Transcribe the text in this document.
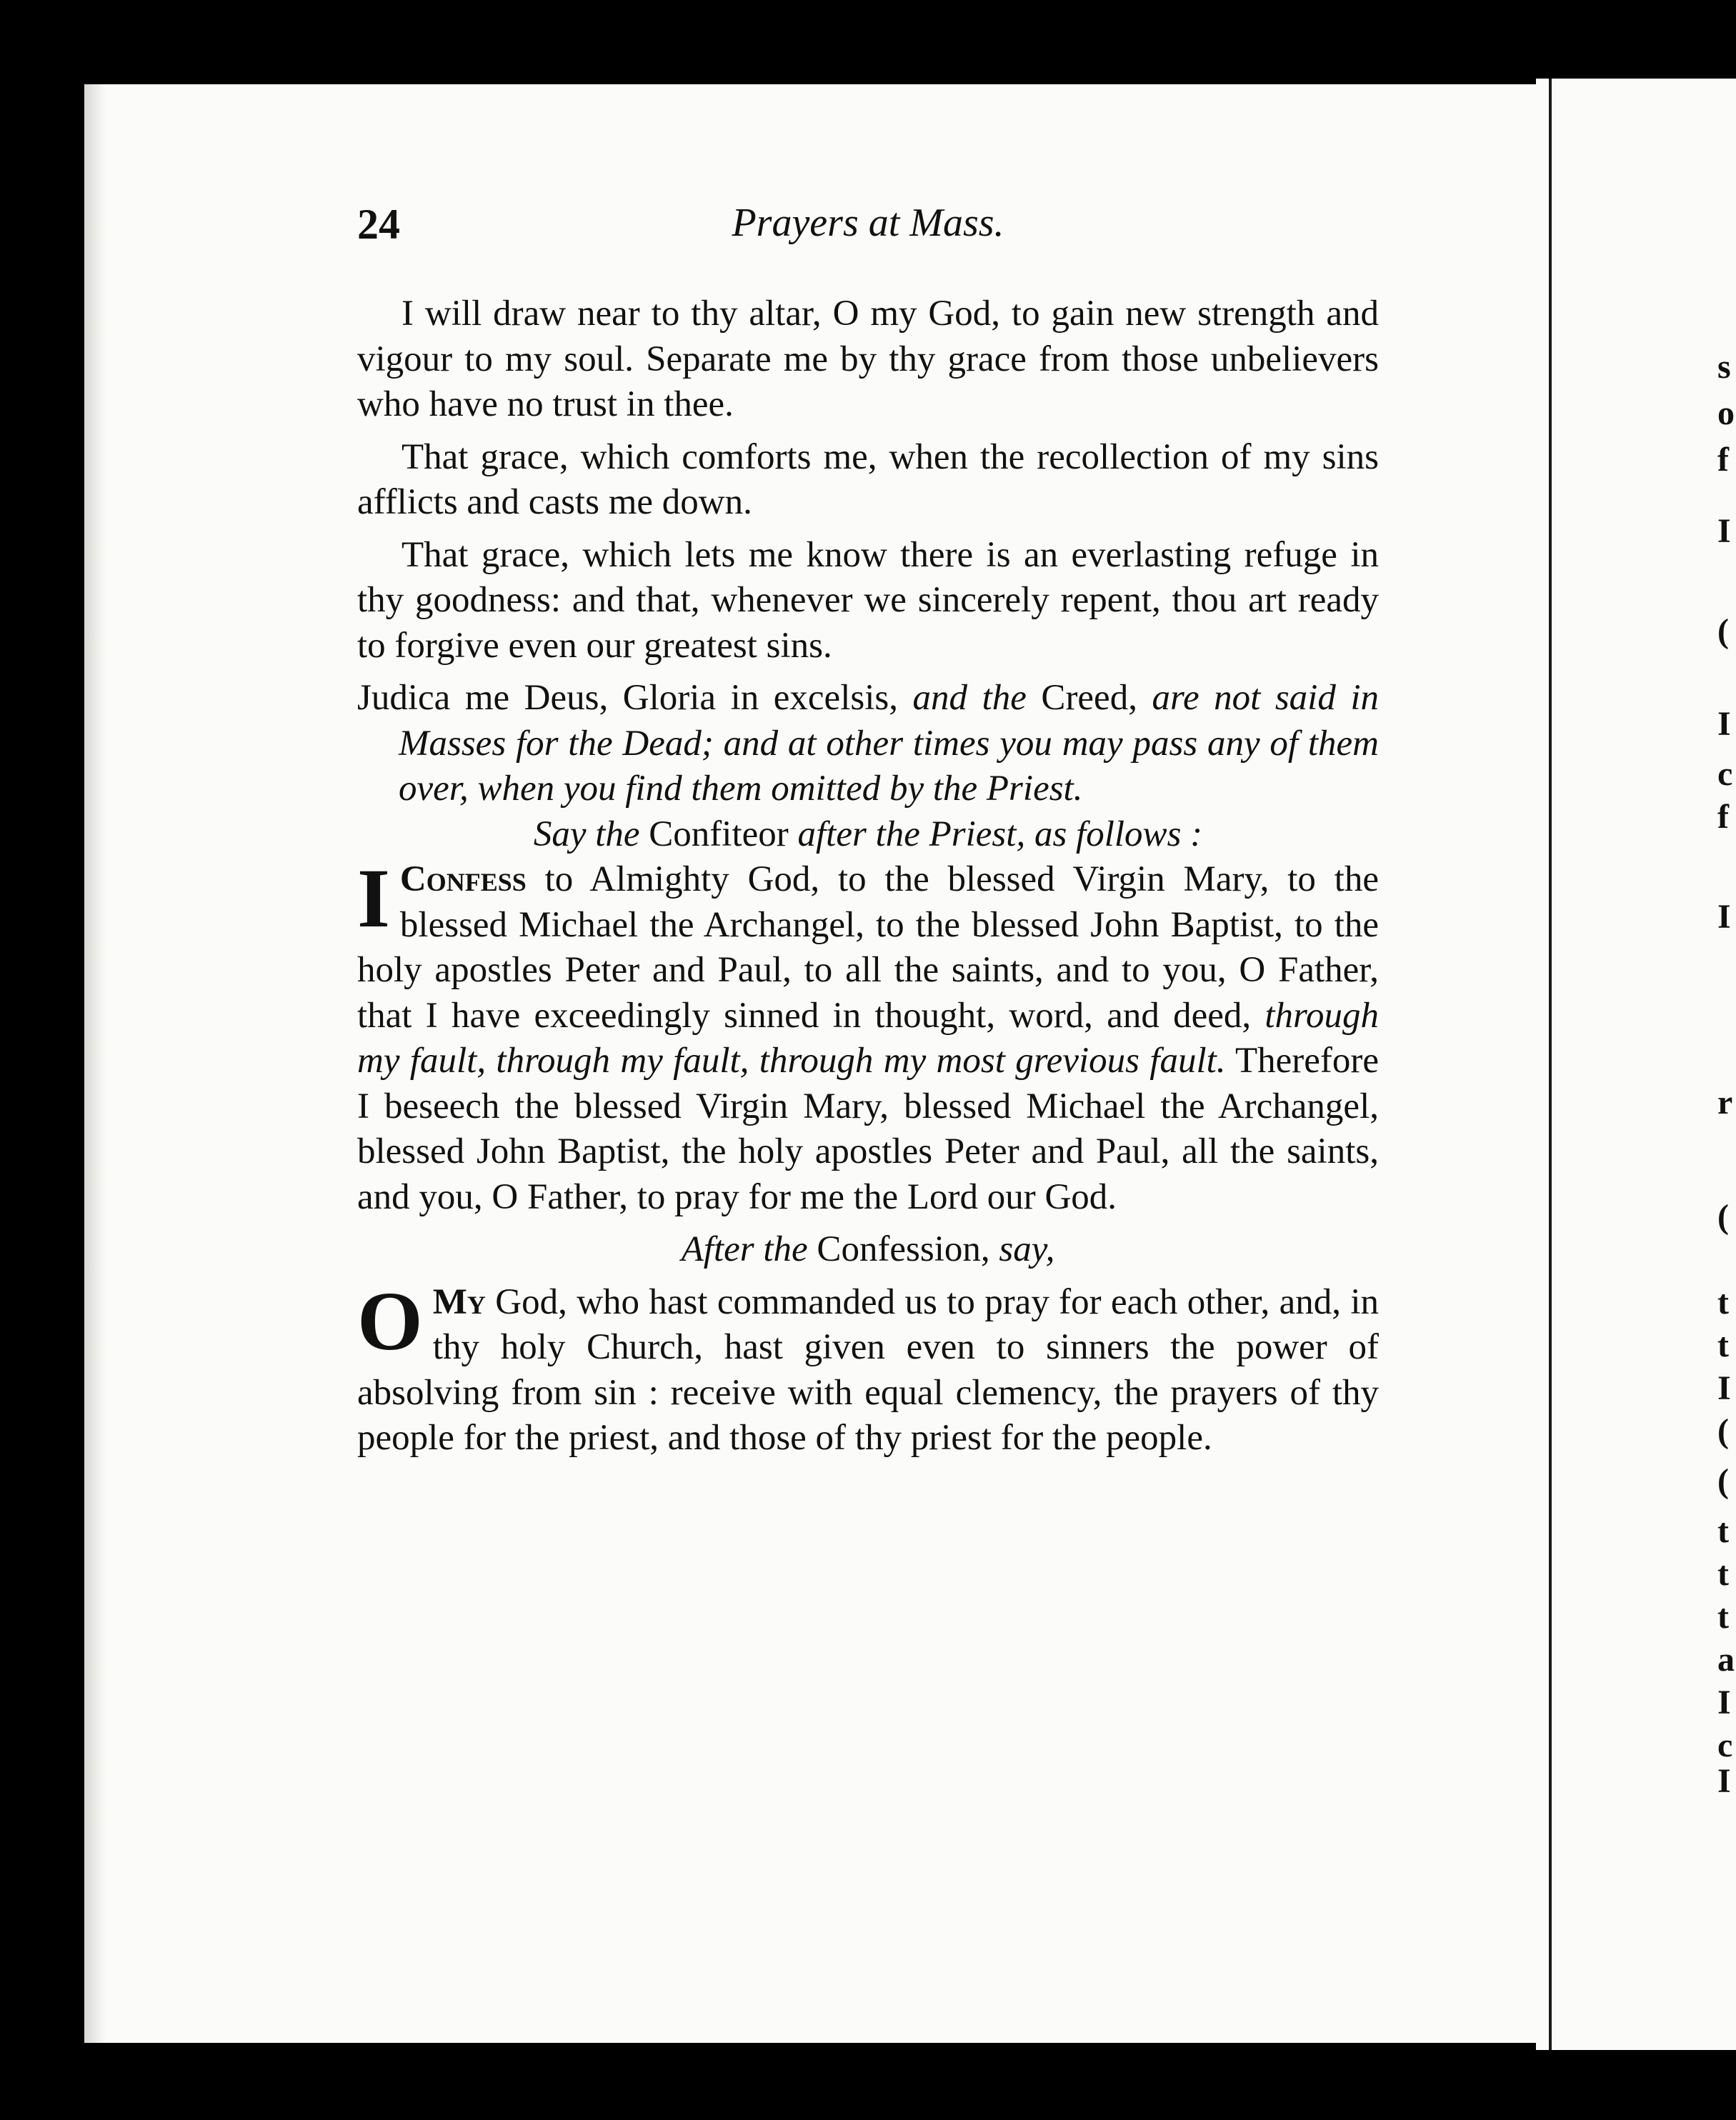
s
o
f
I
(
I
c
f
I
r
(
t
t
I
(
(
t
t
t
a
I
c
I
24	Prayers at Mass.

I will draw near to thy altar, O my God, to gain new strength and vigour to my soul. Separate me by thy grace from those unbelievers who have no trust in thee.

That grace, which comforts me, when the recollection of my sins afflicts and casts me down.

That grace, which lets me know there is an everlasting refuge in thy goodness: and that, whenever we sincerely repent, thou art ready to forgive even our greatest sins.

Judica me Deus, Gloria in excelsis, and the Creed, are not said in Masses for the Dead; and at other times you may pass any of them over, when you find them omitted by the Priest.

Say the Confiteor after the Priest, as follows :

I Confess to Almighty God, to the blessed Virgin Mary, to the blessed Michael the Archangel, to the blessed John Baptist, to the holy apostles Peter and Paul, to all the saints, and to you, O Father, that I have exceedingly sinned in thought, word, and deed, through my fault, through my fault, through my most grevious fault. Therefore I beseech the blessed Virgin Mary, blessed Michael the Archangel, blessed John Baptist, the holy apostles Peter and Paul, all the saints, and you, O Father, to pray for me the Lord our God.

After the Confession, say,

O My God, who hast commanded us to pray for each other, and, in thy holy Church, hast given even to sinners the power of absolving from sin : receive with equal clemency, the prayers of thy people for the priest, and those of thy priest for the people.
